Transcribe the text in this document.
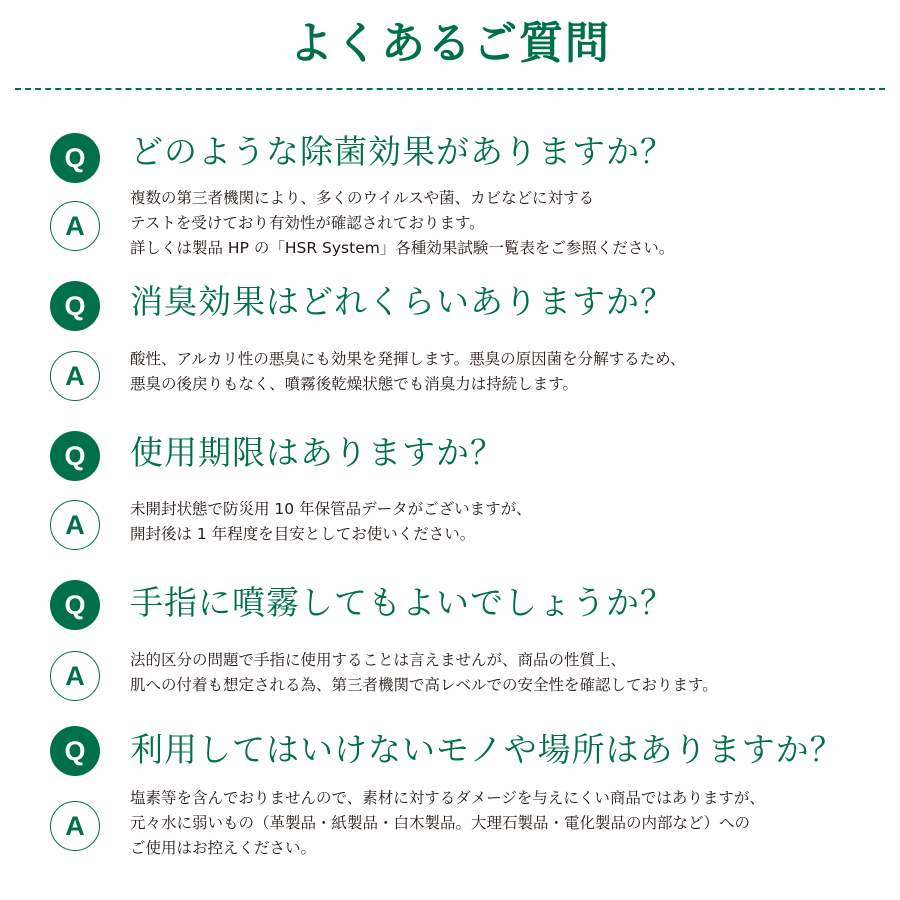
よくあるご質問
Q	どのような除菌効果がありますか？
A
複数の第三者機関により、多くのウイルスや菌、カビなどに対する
テストを受けており有効性が確認されております。
詳しくは製品 HP の「HSR System」各種効果試験一覧表をご参照ください。
Q	消臭効果はどれくらいありますか？
A
酸性、アルカリ性の悪臭にも効果を発揮します。悪臭の原因菌を分解するため、
悪臭の後戻りもなく、噴霧後乾燥状態でも消臭力は持続します。
Q	使用期限はありますか？
A
未開封状態で防災用 10 年保管品データがございますが、
開封後は 1 年程度を目安としてお使いください。
Q	手指に噴霧してもよいでしょうか？
A
法的区分の問題で手指に使用することは言えませんが、商品の性質上、
肌への付着も想定される為、第三者機関で高レベルでの安全性を確認しております。
Q	利用してはいけないモノや場所はありますか？
A
塩素等を含んでおりませんので、素材に対するダメージを与えにくい商品ではありますが、
元々水に弱いもの（革製品・紙製品・白木製品。大理石製品・電化製品の内部など）への
ご使用はお控えください。
